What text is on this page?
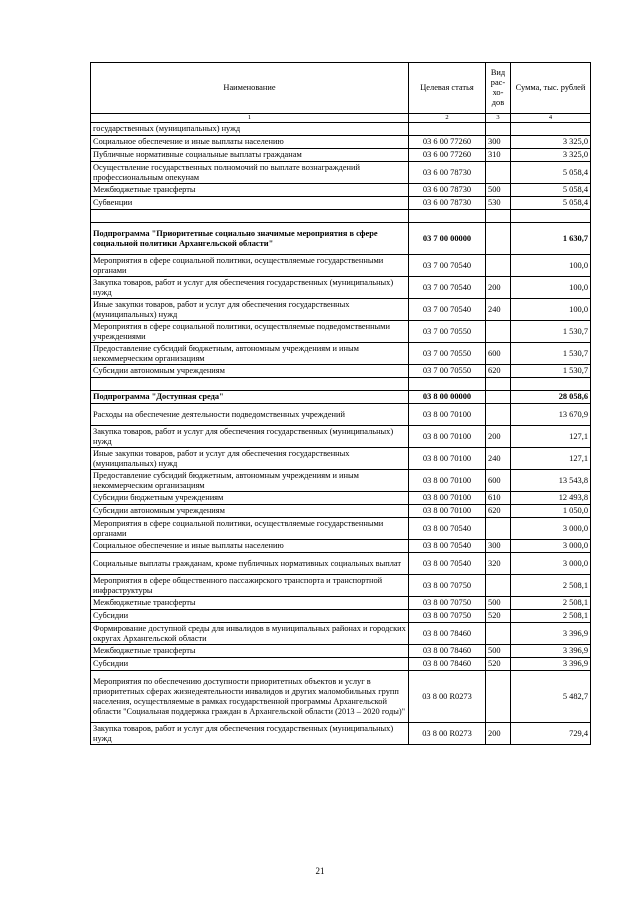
Наименование	Целевая статья	Вид рас- хо- дов	Сумма, тыс. рублей
1	2	3	4
государственных (муниципальных) нужд			
Социальное обеспечение и иные выплаты населению	03 6 00 77260	300	3 325,0
Публичные нормативные социальные выплаты гражданам	03 6 00 77260	310	3 325,0
Осуществление государственных полномочий по выплате вознаграждений профессиональным опекунам	03 6 00 78730		5 058,4
Межбюджетные трансферты	03 6 00 78730	500	5 058,4
Субвенции	03 6 00 78730	530	5 058,4

Подпрограмма "Приоритетные социально значимые мероприятия в сфере социальной политики Архангельской области"	03 7 00 00000		1 630,7
Мероприятия в сфере социальной политики, осуществляемые государственными органами	03 7 00 70540		100,0
Закупка товаров, работ и услуг для обеспечения государственных (муниципальных) нужд	03 7 00 70540	200	100,0
Иные закупки товаров, работ и услуг для обеспечения государственных (муниципальных) нужд	03 7 00 70540	240	100,0
Мероприятия в сфере социальной политики, осуществляемые подведомственными учреждениями	03 7 00 70550		1 530,7
Предоставление субсидий бюджетным, автономным учреждениям и иным некоммерческим организациям	03 7 00 70550	600	1 530,7
Субсидии автономным учреждениям	03 7 00 70550	620	1 530,7

Подпрограмма "Доступная среда"	03 8 00 00000		28 058,6
Расходы на обеспечение деятельности подведомственных учреждений	03 8 00 70100		13 670,9
Закупка товаров, работ и услуг для обеспечения государственных (муниципальных) нужд	03 8 00 70100	200	127,1
Иные закупки товаров, работ и услуг для обеспечения государственных (муниципальных) нужд	03 8 00 70100	240	127,1
Предоставление субсидий бюджетным, автономным учреждениям и иным некоммерческим организациям	03 8 00 70100	600	13 543,8
Субсидии бюджетным учреждениям	03 8 00 70100	610	12 493,8
Субсидии автономным учреждениям	03 8 00 70100	620	1 050,0
Мероприятия в сфере социальной политики, осуществляемые государственными органами	03 8 00 70540		3 000,0
Социальное обеспечение и иные выплаты населению	03 8 00 70540	300	3 000,0
Социальные выплаты гражданам, кроме публичных нормативных социальных выплат	03 8 00 70540	320	3 000,0
Мероприятия в сфере общественного пассажирского транспорта и транспортной инфраструктуры	03 8 00 70750		2 508,1
Межбюджетные трансферты	03 8 00 70750	500	2 508,1
Субсидии	03 8 00 70750	520	2 508,1
Формирование доступной среды для инвалидов в муниципальных районах и городских округах Архангельской области	03 8 00 78460		3 396,9
Межбюджетные трансферты	03 8 00 78460	500	3 396,9
Субсидии	03 8 00 78460	520	3 396,9
Мероприятия по обеспечению доступности приоритетных объектов и услуг в приоритетных сферах жизнедеятельности инвалидов и других маломобильных групп населения, осуществляемые в рамках государственной программы Архангельской области "Социальная поддержка граждан в Архангельской области (2013 – 2020 годы)"	03 8 00 R0273		5 482,7
Закупка товаров, работ и услуг для обеспечения государственных (муниципальных) нужд	03 8 00 R0273	200	729,4
21
